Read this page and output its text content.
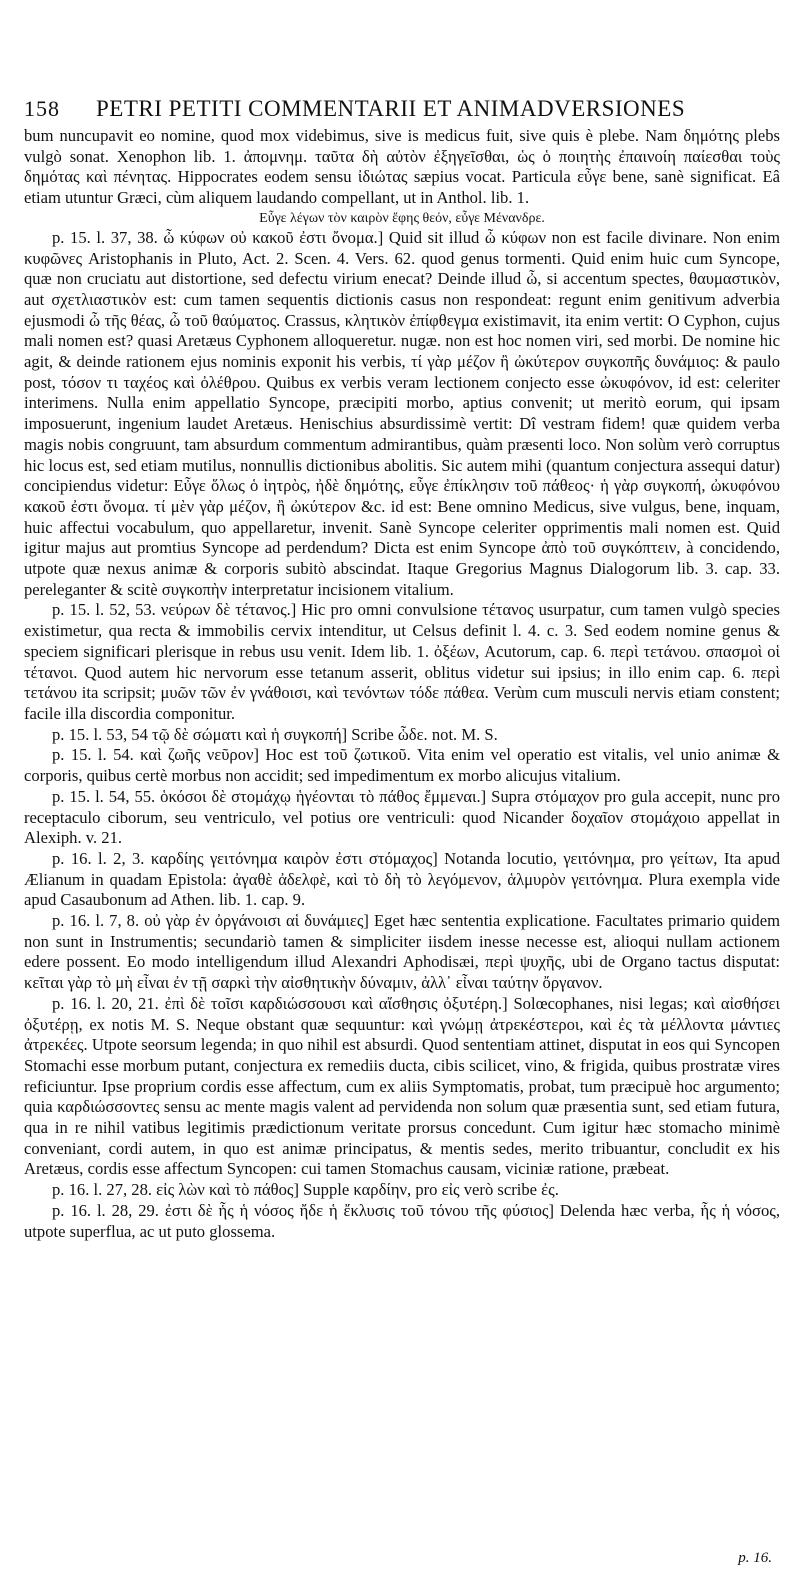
158 PETRI PETITI COMMENTARII ET ANIMADVERSIONES

bum nuncupavit eo nomine, quod mox videbimus, sive is medicus fuit, sive quis è plebe. Nam δημότης plebs vulgò sonat. Xenophon lib. 1. ἀπομνημ. ταῦτα δὴ αὐτὸν ἐξηγεῖσθαι, ὡς ὁ ποιητὴς ἐπαινοίη παίεσθαι τοὺς δημότας καὶ πένητας. Hippocrates eodem sensu ἰδιώτας sæpius vocat. Particula εὖγε bene, sanè significat. Eâ etiam utuntur Græci, cùm aliquem laudando compellant, ut in Anthol. lib. 1.

Εὖγε λέγων τὸν καιρὸν ἔφης θεόν, εὖγε Μένανδρε.

p. 15. l. 37, 38. ὦ κύφων οὐ κακοῦ ἐστι ὄνομα.] Quid sit illud ὦ κύφων non est facile divinare. Non enim κυφῶνες Aristophanis in Pluto, Act. 2. Scen. 4. Vers. 62. quod genus tormenti. Quid enim huic cum Syncope, quæ non cruciatu aut distortione, sed defectu virium enecat? Deinde illud ὦ, si accentum spectes, θαυμαστικὸν, aut σχετλιαστικὸν est: cum tamen sequentis dictionis casus non respondeat: regunt enim genitivum adverbia ejusmodi ὦ τῆς θέας, ὦ τοῦ θαύματος. Crassus, κλητικὸν ἐπίφθεγμα existimavit, ita enim vertit: O Cyphon, cujus mali nomen est? quasi Aretæus Cyphonem alloqueretur. nugæ. non est hoc nomen viri, sed morbi. De nomine hic agit, & deinde rationem ejus nominis exponit his verbis, τί γὰρ μέζον ἢ ὠκύτερον συγκοπῆς δυνάμιος: & paulo post, τόσον τι ταχέος καὶ ὀλέθρου. Quibus ex verbis veram lectionem conjecto esse ὠκυφόνον, id est: celeriter interimens. Nulla enim appellatio Syncope, præcipiti morbo, aptius convenit; ut meritò eorum, qui ipsam imposuerunt, ingenium laudet Aretæus. Henischius absurdissimè vertit: Dî vestram fidem! quæ quidem verba magis nobis congruunt, tam absurdum commentum admirantibus, quàm præsenti loco. Non solùm verò corruptus hic locus est, sed etiam mutilus, nonnullis dictionibus abolitis. Sic autem mihi (quantum conjectura assequi datur) concipiendus videtur: Εὖγε ὅλως ὁ ἰητρὸς, ἠδὲ δημότης, εὖγε ἐπίκλησιν τοῦ πάθεος· ἡ γὰρ συγκοπή, ὠκυφόνου κακοῦ ἐστι ὄνομα. τί μὲν γὰρ μέζον, ἢ ὠκύτερον &c. id est: Bene omnino Medicus, sive vulgus, bene, inquam, huic affectui vocabulum, quo appellaretur, invenit. Sanè Syncope celeriter opprimentis mali nomen est. Quid igitur majus aut promtius Syncope ad perdendum? Dicta est enim Syncope ἀπὸ τοῦ συγκόπτειν, à concidendo, utpote quæ nexus animæ & corporis subitò abscindat. Itaque Gregorius Magnus Dialogorum lib. 3. cap. 33. pereleganter & scitè συγκοπὴν interpretatur incisionem vitalium.

p. 15. l. 52, 53. νεύρων δὲ τέτανος.] Hic pro omni convulsione τέτανος usurpatur, cum tamen vulgò species existimetur, qua recta & immobilis cervix intenditur, ut Celsus definit l. 4. c. 3. Sed eodem nomine genus & speciem significari plerisque in rebus usu venit. Idem lib. 1. ὀξέων, Acutorum, cap. 6. περὶ τετάνου. σπασμοὶ οἱ τέτανοι. Quod autem hic nervorum esse tetanum asserit, oblitus videtur sui ipsius; in illo enim cap. 6. περὶ τετάνου ita scripsit; μυῶν τῶν ἐν γνάθοισι, καὶ τενόντων τόδε πάθεα. Verùm cum musculi nervis etiam constent; facile illa discordia componitur.

p. 15. l. 53, 54 τῷ δὲ σώματι καὶ ἡ συγκοπή] Scribe ὧδε. not. M. S.

p. 15. l. 54. καὶ ζωῆς νεῦρον] Hoc est τοῦ ζωτικοῦ. Vita enim vel operatio est vitalis, vel unio animæ & corporis, quibus certè morbus non accidit; sed impedimentum ex morbo alicujus vitalium.

p. 15. l. 54, 55. ὁκόσοι δὲ στομάχῳ ἡγέονται τὸ πάθος ἔμμεναι.] Supra στόμαχον pro gula accepit, nunc pro receptaculo ciborum, seu ventriculo, vel potius ore ventriculi: quod Nicander δοχαῖον στομάχοιο appellat in Alexiph. v. 21.

p. 16. l. 2, 3. καρδίης γειτόνημα καιρὸν ἐστι στόμαχος] Notanda locutio, γειτόνημα, pro γείτων, Ita apud Ælianum in quadam Epistola: ἀγαθὲ ἀδελφὲ, καὶ τὸ δὴ τὸ λεγόμενον, ἁλμυρὸν γειτόνημα. Plura exempla vide apud Casaubonum ad Athen. lib. 1. cap. 9.

p. 16. l. 7, 8. οὐ γὰρ ἐν ὀργάνοισι αἱ δυνάμιες] Eget hæc sententia explicatione. Facultates primario quidem non sunt in Instrumentis; secundariò tamen & simpliciter iisdem inesse necesse est, alioqui nullam actionem edere possent. Eo modo intelligendum illud Alexandri Aphodisæi, περὶ ψυχῆς, ubi de Organo tactus disputat: κεῖται γὰρ τὸ μὴ εἶναι ἐν τῇ σαρκὶ τὴν αἰσθητικὴν δύναμιν, ἀλλ᾽ εἶναι ταύτην ὄργανον.

p. 16. l. 20, 21. ἐπὶ δὲ τοῖσι καρδιώσσουσι καὶ αἴσθησις ὀξυτέρη.] Solœcophanes, nisi legas; καὶ αἰσθήσει ὀξυτέρῃ, ex notis M. S. Neque obstant quæ sequuntur: καὶ γνώμῃ ἀτρεκέστεροι, καὶ ἐς τὰ μέλλοντα μάντιες ἀτρεκέες. Utpote seorsum legenda; in quo nihil est absurdi. Quod sententiam attinet, disputat in eos qui Syncopen Stomachi esse morbum putant, conjectura ex remediis ducta, cibis scilicet, vino, & frigida, quibus prostratæ vires reficiuntur. Ipse proprium cordis esse affectum, cum ex aliis Symptomatis, probat, tum præcipuè hoc argumento; quia καρδιώσσοντες sensu ac mente magis valent ad pervidenda non solum quæ præsentia sunt, sed etiam futura, qua in re nihil vatibus legitimis prædictionum veritate prorsus concedunt. Cum igitur hæc stomacho minimè conveniant, cordi autem, in quo est animæ principatus, & mentis sedes, merito tribuantur, concludit ex his Aretæus, cordis esse affectum Syncopen: cui tamen Stomachus causam, viciniæ ratione, præbeat.

p. 16. l. 27, 28. εἰς λὼν καὶ τὸ πάθος] Supple καρδίην, pro εἰς verò scribe ἐς.

p. 16. l. 28, 29. ἐστι δὲ ἧς ἡ νόσος ἤδε ἡ ἔκλυσις τοῦ τόνου τῆς φύσιος] Delenda hæc verba, ἧς ἡ νόσος, utpote superflua, ac ut puto glossema.

p. 16.
